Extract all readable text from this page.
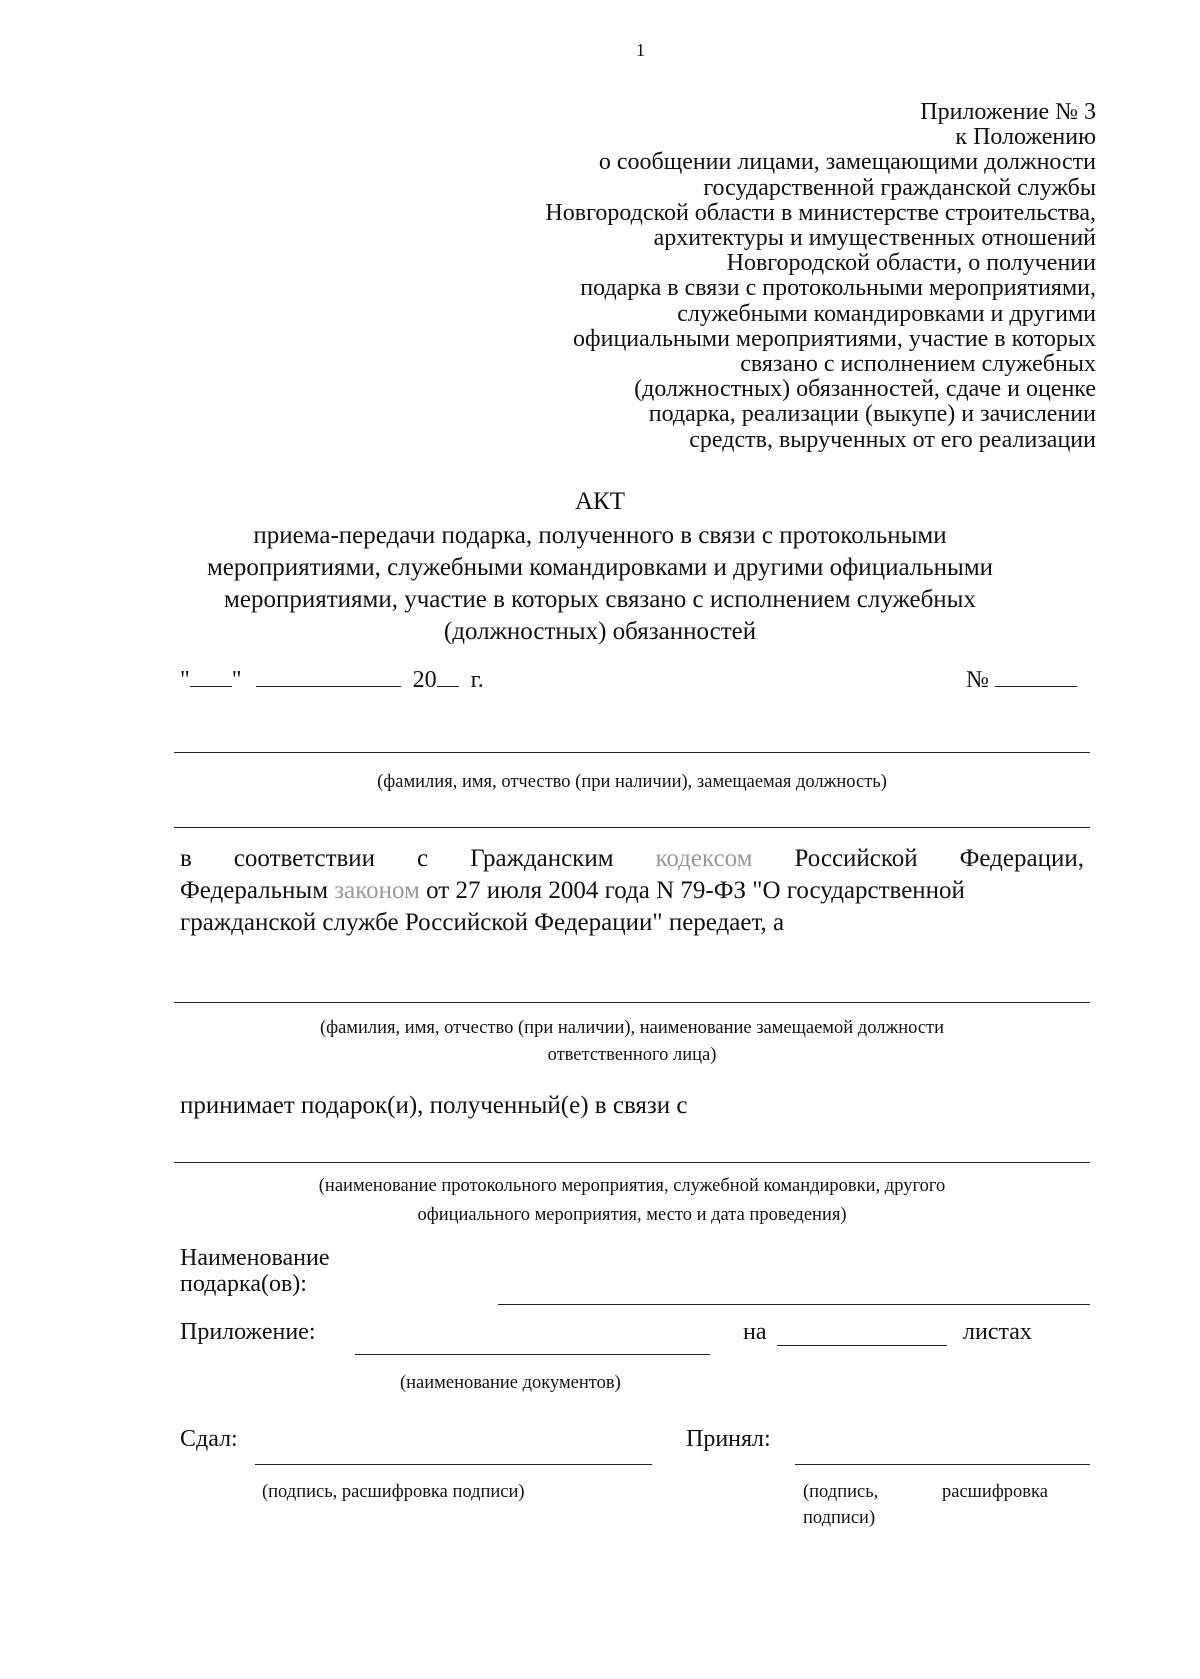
1
Приложение № 3
к Положению
о сообщении лицами, замещающими должности
государственной гражданской службы
Новгородской области в министерстве строительства,
архитектуры и имущественных отношений
Новгородской области, о получении
подарка в связи с протокольными мероприятиями,
служебными командировками и другими
официальными мероприятиями, участие в которых
связано с исполнением служебных
(должностных) обязанностей, сдаче и оценке
подарка, реализации (выкупе) и зачислении
средств, вырученных от его реализации
АКТ
приема-передачи подарка, полученного в связи с протокольными
мероприятиями, служебными командировками и другими официальными
мероприятиями, участие в которых связано с исполнением служебных
(должностных) обязанностей
" "	20 г.	№
(фамилия, имя, отчество (при наличии), замещаемая должность)
в соответствии с Гражданским кодексом Российской Федерации,
Федеральным законом от 27 июля 2004 года N 79-ФЗ "О государственной
гражданской службе Российской Федерации" передает, а
(фамилия, имя, отчество (при наличии), наименование замещаемой должности
ответственного лица)
принимает подарок(и), полученный(е) в связи с
(наименование протокольного мероприятия, служебной командировки, другого
официального мероприятия, место и дата проведения)
Наименование
подарка(ов):
Приложение:	на	листах
(наименование документов)
Сдал:	Принял:
(подпись, расшифровка подписи)	(подпись,	расшифровка
подписи)
